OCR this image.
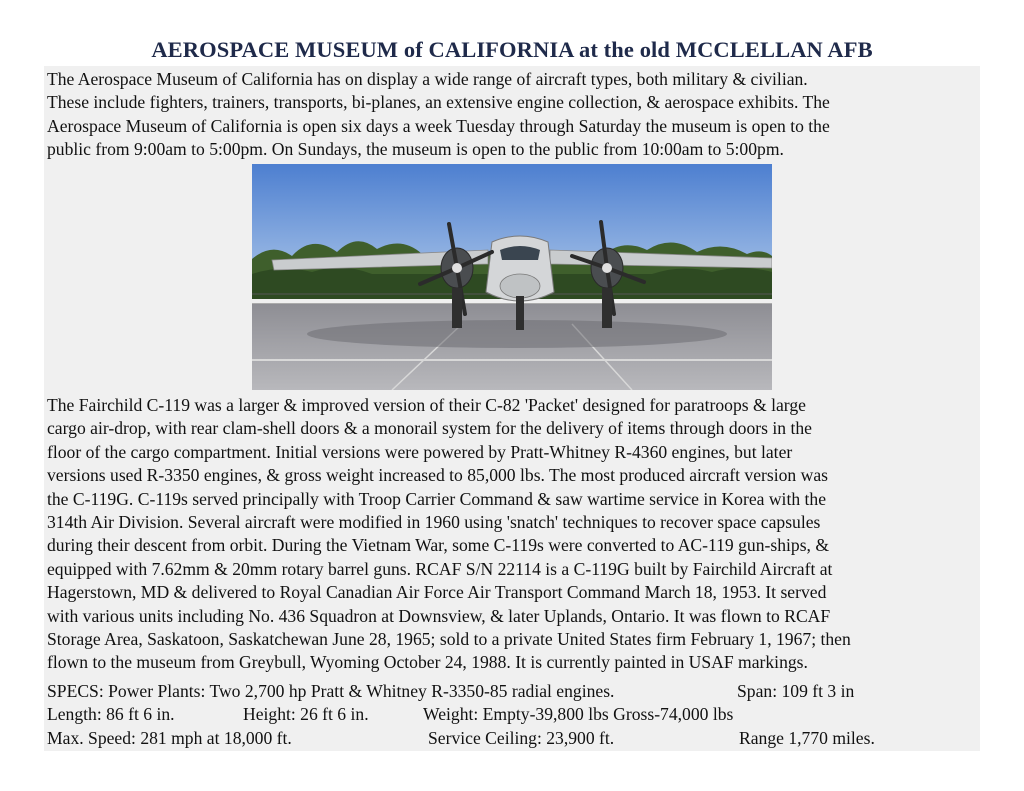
AEROSPACE MUSEUM of CALIFORNIA at the old MCCLELLAN AFB
The Aerospace Museum of California has on display a wide range of aircraft types, both military & civilian.
These include fighters, trainers, transports, bi-planes, an extensive engine collection, & aerospace exhibits. The
Aerospace Museum of California is open six days a week Tuesday through Saturday the museum is open to the
public from 9:00am to 5:00pm. On Sundays, the museum is open to the public from 10:00am to 5:00pm.
The Fairchild C-119 was a larger & improved version of their C-82 'Packet' designed for paratroops & large
cargo air-drop, with rear clam-shell doors & a monorail system for the delivery of items through doors in the
floor of the cargo compartment. Initial versions were powered by Pratt-Whitney R-4360 engines, but later
versions used R-3350 engines, & gross weight increased to 85,000 lbs. The most produced aircraft version was
the C-119G. C-119s served principally with Troop Carrier Command & saw wartime service in Korea with the
314th Air Division. Several aircraft were modified in 1960 using 'snatch' techniques to recover space capsules
during their descent from orbit. During the Vietnam War, some C-119s were converted to AC-119 gun-ships, &
equipped with 7.62mm & 20mm rotary barrel guns. RCAF S/N 22114 is a C-119G built by Fairchild Aircraft at
Hagerstown, MD & delivered to Royal Canadian Air Force Air Transport Command March 18, 1953. It served
with various units including No. 436 Squadron at Downsview, & later Uplands, Ontario. It was flown to RCAF
Storage Area, Saskatoon, Saskatchewan June 28, 1965; sold to a private United States firm February 1, 1967; then
flown to the museum from Greybull, Wyoming October 24, 1988. It is currently painted in USAF markings.
SPECS: Power Plants: Two 2,700 hp Pratt & Whitney R-3350-85 radial engines.	Span: 109 ft 3 in
Length: 86 ft 6 in.	Height: 26 ft 6 in.	Weight: Empty-39,800 lbs Gross-74,000 lbs
Max. Speed: 281 mph at 18,000 ft.	Service Ceiling: 23,900 ft.	Range 1,770 miles.
